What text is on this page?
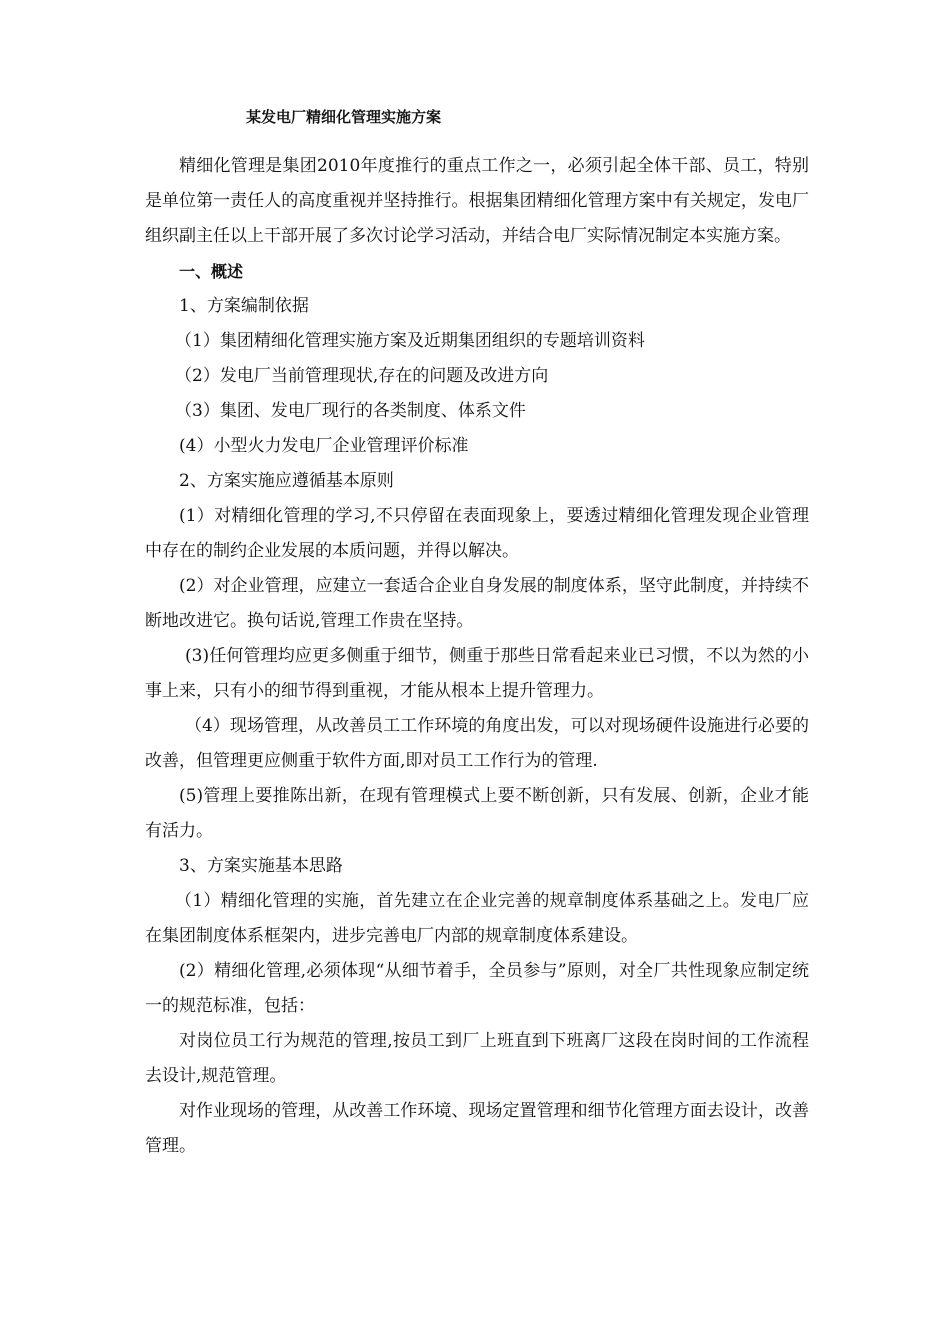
某发电厂精细化管理实施方案

精细化管理是集团2010年度推行的重点工作之一，必须引起全体干部、员工，特别是单位第一责任人的高度重视并坚持推行。根据集团精细化管理方案中有关规定，发电厂组织副主任以上干部开展了多次讨论学习活动，并结合电厂实际情况制定本实施方案。

一、概述

1、方案编制依据

（1）集团精细化管理实施方案及近期集团组织的专题培训资料

（2）发电厂当前管理现状,存在的问题及改进方向

（3）集团、发电厂现行的各类制度、体系文件

(4）小型火力发电厂企业管理评价标准

2、方案实施应遵循基本原则

(1）对精细化管理的学习,不只停留在表面现象上，要透过精细化管理发现企业管理中存在的制约企业发展的本质问题，并得以解决。

(2）对企业管理，应建立一套适合企业自身发展的制度体系，坚守此制度，并持续不断地改进它。换句话说,管理工作贵在坚持。

(3)任何管理均应更多侧重于细节，侧重于那些日常看起来业已习惯，不以为然的小事上来，只有小的细节得到重视，才能从根本上提升管理力。

（4）现场管理，从改善员工工作环境的角度出发，可以对现场硬件设施进行必要的改善，但管理更应侧重于软件方面,即对员工工作行为的管理.

(5)管理上要推陈出新，在现有管理模式上要不断创新，只有发展、创新，企业才能有活力。

3、方案实施基本思路

（1）精细化管理的实施，首先建立在企业完善的规章制度体系基础之上。发电厂应在集团制度体系框架内，进步完善电厂内部的规章制度体系建设。

(2）精细化管理,必须体现“从细节着手，全员参与”原则，对全厂共性现象应制定统一的规范标准，包括：

对岗位员工行为规范的管理,按员工到厂上班直到下班离厂这段在岗时间的工作流程去设计,规范管理。

对作业现场的管理，从改善工作环境、现场定置管理和细节化管理方面去设计，改善管理。
